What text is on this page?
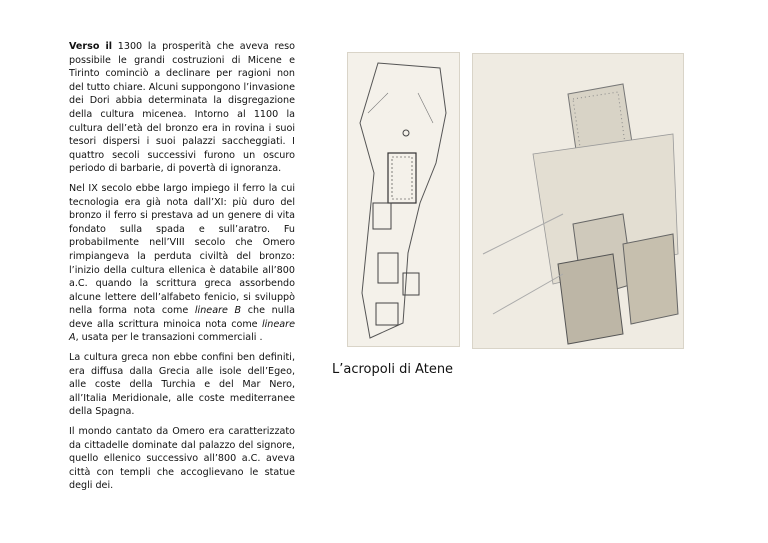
Verso il 1300 la prosperità che aveva reso possibile le grandi costruzioni di Micene e Tirinto cominciò a declinare per ragioni non del tutto chiare. Alcuni suppongono l’invasione dei Dori abbia determinata la disgregazione della cultura micenea. Intorno al 1100 la cultura dell’età del bronzo era in rovina i suoi tesori dispersi i suoi palazzi saccheggiati. I quattro secoli successivi furono un oscuro periodo di barbarie, di povertà di ignoranza.

Nel IX secolo ebbe largo impiego il ferro la cui tecnologia era già nota dall’XI: più duro del bronzo il ferro si prestava ad un genere di vita fondato sulla spada e sull’aratro. Fu probabilmente nell’VIII secolo che Omero rimpiangeva la perduta civiltà del bronzo: l’inizio della cultura ellenica è databile all’800 a.C. quando la scrittura greca assorbendo alcune lettere dell’alfabeto fenicio, si sviluppò nella forma nota come lineare B che nulla deve alla scrittura minoica nota come lineare A, usata per le transazioni commerciali .

La cultura greca non ebbe confini ben definiti, era diffusa dalla Grecia alle isole dell’Egeo, alle coste della Turchia e del Mar Nero, all’Italia Meridionale, alle coste mediterranee della Spagna.

Il mondo cantato da Omero era caratterizzato da cittadelle dominate dal palazzo del signore, quello ellenico successivo all’800 a.C. aveva città con templi che accoglievano le statue degli dei.

L’acropoli di Atene
